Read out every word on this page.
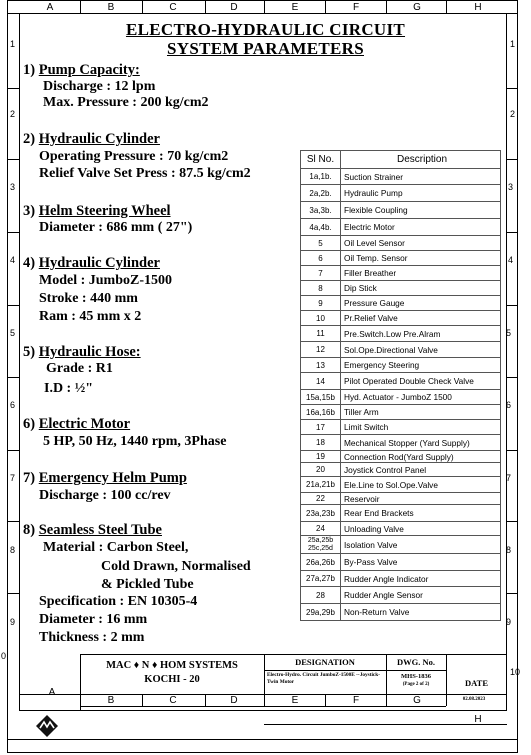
A	B	C	D	E	F	G	H
1
2
3
4
5
6
7
8
9
0
1
2
3
4
5
6
7
8
9
10
ELECTRO-HYDRAULIC CIRCUIT
SYSTEM PARAMETERS
1) Pump Capacity:
Discharge : 12 lpm
Max. Pressure : 200 kg/cm2
2) Hydraulic Cylinder
Operating Pressure : 70 kg/cm2
Relief Valve Set Press : 87.5 kg/cm2
3) Helm Steering Wheel
Diameter : 686 mm ( 27")
4) Hydraulic Cylinder
Model : JumboZ-1500
Stroke : 440 mm
Ram : 45 mm x 2
5) Hydraulic Hose:
Grade : R1
I.D : ½"
6) Electric Motor
5 HP, 50 Hz, 1440 rpm, 3Phase
7) Emergency Helm Pump
Discharge : 100 cc/rev
8) Seamless Steel Tube
Material : Carbon Steel,
Cold Drawn, Normalised
& Pickled Tube
Specification : EN 10305-4
Diameter : 16 mm
Thickness : 2 mm
Sl No.	Description
1a,1b.	Suction Strainer
2a,2b.	Hydraulic Pump
3a,3b.	Flexible Coupling
4a,4b.	Electric Motor
5	Oil Level Sensor
6	Oil Temp. Sensor
7	Filler Breather
8	Dip Stick
9	Pressure Gauge
10	Pr.Relief Valve
11	Pre.Switch.Low Pre.Alram
12	Sol.Ope.Directional Valve
13	Emergency Steering
14	Pilot Operated Double Check Valve
15a,15b	Hyd. Actuator - JumboZ 1500
16a,16b	Tiller Arm
17	Limit Switch
18	Mechanical Stopper (Yard Supply)
19	Connection Rod(Yard Supply)
20	Joystick Control Panel
21a,21b	Ele.Line to Sol.Ope.Valve
22	Reservoir
23a,23b	Rear End Brackets
24	Unloading Valve
25a,25b 25c,25d	Isolation Valve
26a,26b	By-Pass Valve
27a,27b	Rudder Angle Indicator
28	Rudder Angle Sensor
29a,29b	Non-Return Valve
MAC ♦ N ♦ HOM SYSTEMS
KOCHI - 20
DESIGNATION
Electro-Hydro. Circuit JumboZ-1500E --Joystick-Twin Motor
DWG. No.
MHS-1836
(Page 2 of 2)	DATE
02.08.2023
A
B	C	D	E	F	G
H
